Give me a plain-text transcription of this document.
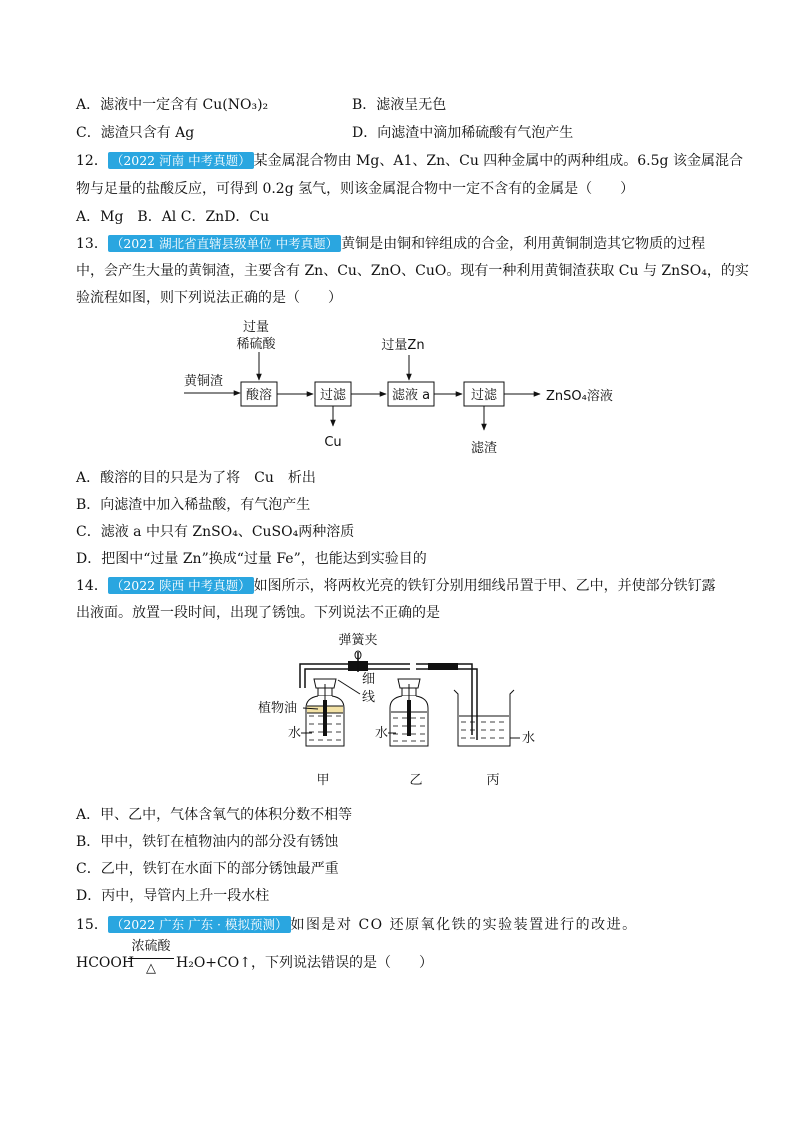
A．滤液中一定含有 Cu(NO₃)₂	B．滤液呈无色
C．滤渣只含有 Ag	D．向滤渣中滴加稀硫酸有气泡产生
12． （2022 河南 中考真题） 某金属混合物由 Mg、A1、Zn、Cu 四种金属中的两种组成。6.5g 该金属混合
物与足量的盐酸反应，可得到 0.2g 氢气，则该金属混合物中一定不含有的金属是（　　）
A．Mg　B．Al C．ZnD．Cu
13． （2021 湖北省直辖县级单位 中考真题） 黄铜是由铜和锌组成的合金，利用黄铜制造其它物质的过程
中，会产生大量的黄铜渣，主要含有 Zn、Cu、ZnO、CuO。现有一种利用黄铜渣获取 Cu 与 ZnSO₄，的实
验流程如图，则下列说法正确的是（　　）
过量
稀硫酸	过量Zn
黄铜渣
酸溶	过滤
Cu
滤液 a	过滤
滤渣
ZnSO₄溶液
A．酸溶的目的只是为了将　Cu　析出
B．向滤渣中加入稀盐酸，有气泡产生
C．滤液 a 中只有 ZnSO₄、CuSO₄两种溶质
D．把图中“过量 Zn”换成“过量 Fe”，也能达到实验目的
14． （2022 陕西 中考真题） 如图所示，将两枚光亮的铁钉分别用细线吊置于甲、乙中，并使部分铁钉露
出液面。放置一段时间，出现了锈蚀。下列说法不正确的是
弹簧夹
细
线
植物油
水	水	水
甲	乙	丙
A．甲、乙中，气体含氧气的体积分数不相等
B．甲中，铁钉在植物油内的部分没有锈蚀
C．乙中，铁钉在水面下的部分锈蚀最严重
D．丙中，导管内上升一段水柱
15． （2022 广东 广东 · 模拟预测） 如图是对 CO 还原氧化铁的实验装置进行的改进。
HCOOH
浓硫酸
△	H₂O+CO↑，下列说法错误的是（　　）
